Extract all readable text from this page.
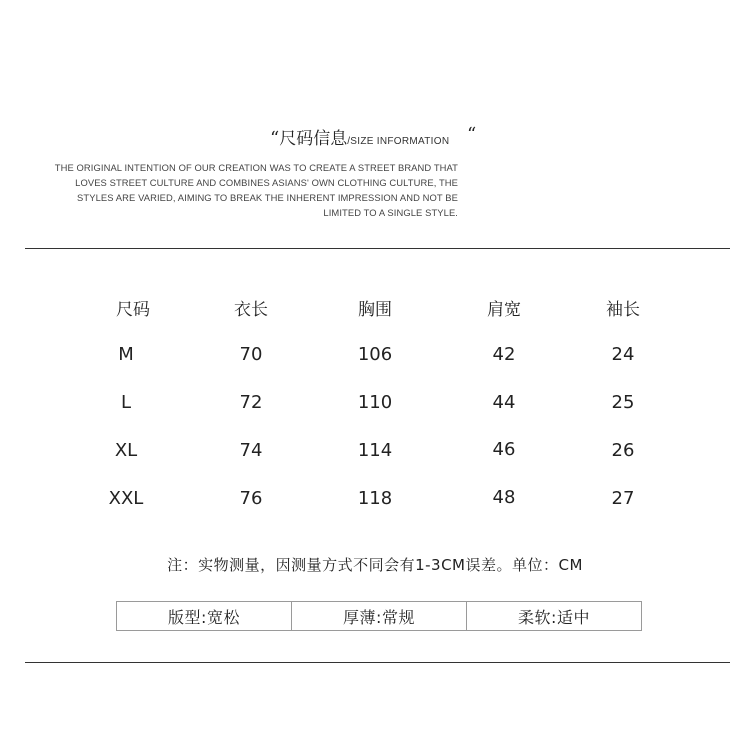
“尺码信息/SIZE INFORMATION “
THE ORIGINAL INTENTION OF OUR CREATION WAS TO CREATE A STREET BRAND THAT
LOVES STREET CULTURE AND COMBINES ASIANS' OWN CLOTHING CULTURE, THE
STYLES ARE VARIED, AIMING TO BREAK THE INHERENT IMPRESSION AND NOT BE
LIMITED TO A SINGLE STYLE.
尺码	衣长	胸围	肩宽	袖长
M	70	106	42	24
L	72	110	44	25
XL	74	114	46	26
XXL	76	118	48	27
注：实物测量，因测量方式不同会有1-3CM误差。单位：CM
版型:宽松	厚薄:常规	柔软:适中
